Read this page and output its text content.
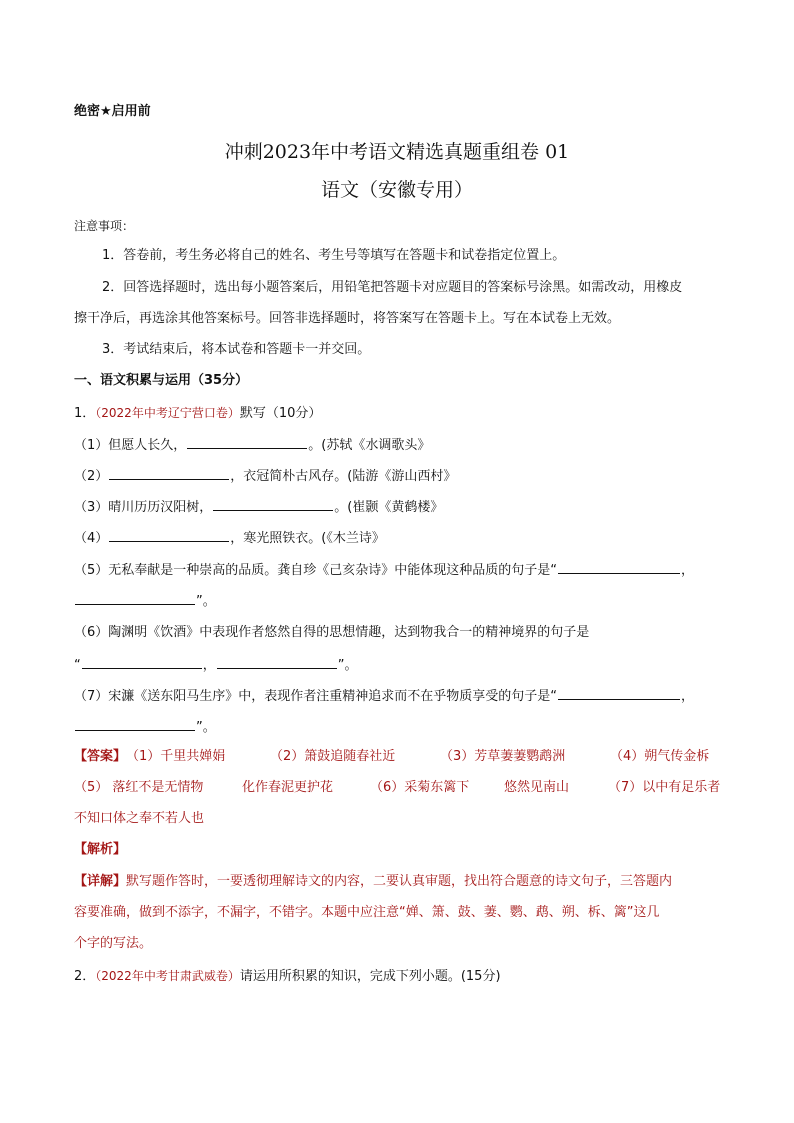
绝密★启用前
冲刺2023年中考语文精选真题重组卷 01
语文（安徽专用）
注意事项：
1．答卷前，考生务必将自己的姓名、考生号等填写在答题卡和试卷指定位置上。
2．回答选择题时，选出每小题答案后，用铅笔把答题卡对应题目的答案标号涂黑。如需改动，用橡皮
擦干净后，再选涂其他答案标号。回答非选择题时，将答案写在答题卡上。写在本试卷上无效。
3．考试结束后，将本试卷和答题卡一并交回。
一、语文积累与运用（35分）
1．（2022年中考辽宁营口卷）默写（10分）
（1）但愿人长久，	。(苏轼《水调歌头》
（2）	，衣冠简朴古风存。(陆游《游山西村》
（3）晴川历历汉阳树，	。(崔颢《黄鹤楼》
（4）	，寒光照铁衣。(《木兰诗》
（5）无私奉献是一种崇高的品质。龚自珍《己亥杂诗》中能体现这种品质的句子是“	，
”。
（6）陶渊明《饮酒》中表现作者悠然自得的思想情趣，达到物我合一的精神境界的句子是
“	，	”。
（7）宋濂《送东阳马生序》中，表现作者注重精神追求而不在乎物质享受的句子是“	，
”。
【答案】 （1）千里共婵娟	（2）箫鼓追随春社近	（3）芳草萋萋鹦鹉洲	（4）朔气传金柝
（5） 落红不是无情物	化作春泥更护花	（6）采菊东篱下	悠然见南山	（7）以中有足乐者
不知口体之奉不若人也
【解析】
【详解】默写题作答时，一要透彻理解诗文的内容，二要认真审题，找出符合题意的诗文句子，三答题内
容要准确，做到不添字，不漏字，不错字。本题中应注意“婵、箫、鼓、萋、鹦、鹉、朔、柝、篱”这几
个字的写法。
2．（2022年中考甘肃武威卷）请运用所积累的知识，完成下列小题。(15分)
